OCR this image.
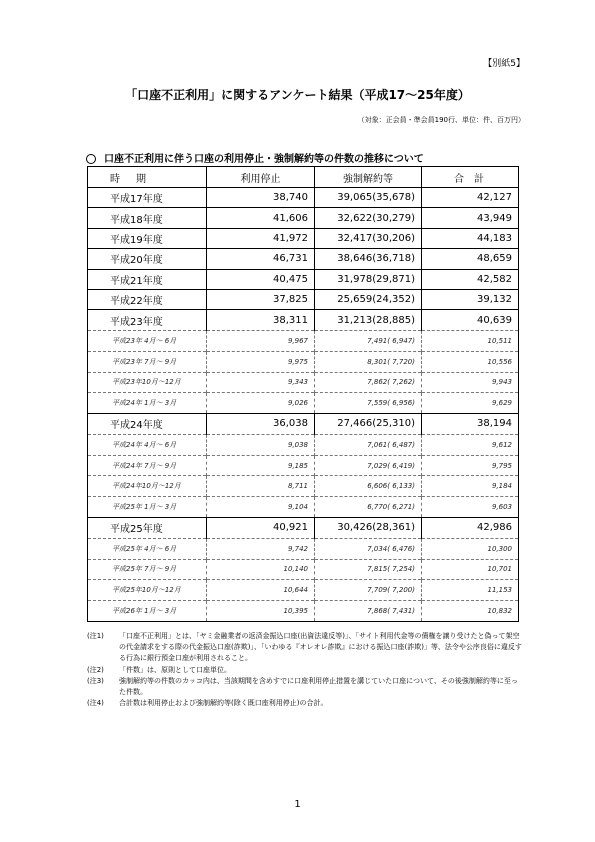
【別紙5】
「口座不正利用」に関するアンケート結果（平成17〜25年度）
（対象：正会員・準会員190行、単位：件、百万円）
口座不正利用に伴う口座の利用停止・強制解約等の件数の推移について
時　期	利用停止	強制解約等	合　計
平成17年度	38,740	39,065(35,678)	42,127
平成18年度	41,606	32,622(30,279)	43,949
平成19年度	41,972	32,417(30,206)	44,183
平成20年度	46,731	38,646(36,718)	48,659
平成21年度	40,475	31,978(29,871)	42,582
平成22年度	37,825	25,659(24,352)	39,132
平成23年度	38,311	31,213(28,885)	40,639
平成23年 4月〜 6月	9,967	7,491( 6,947)	10,511
平成23年 7月〜 9月	9,975	8,301( 7,720)	10,556
平成23年10月〜12月	9,343	7,862( 7,262)	9,943
平成24年 1月〜 3月	9,026	7,559( 6,956)	9,629
平成24年度	36,038	27,466(25,310)	38,194
平成24年 4月〜 6月	9,038	7,061( 6,487)	9,612
平成24年 7月〜 9月	9,185	7,029( 6,419)	9,795
平成24年10月〜12月	8,711	6,606( 6,133)	9,184
平成25年 1月〜 3月	9,104	6,770( 6,271)	9,603
平成25年度	40,921	30,426(28,361)	42,986
平成25年 4月〜 6月	9,742	7,034( 6,476)	10,300
平成25年 7月〜 9月	10,140	7,815( 7,254)	10,701
平成25年10月〜12月	10,644	7,709( 7,200)	11,153
平成26年 1月〜 3月	10,395	7,868( 7,431)	10,832
(注1)	「口座不正利用」とは、「ヤミ金融業者の返済金振込口座(出資法違反等)」、「サイト利用代金等の債権を譲り受けたと偽って架空の代金請求をする際の代金振込口座(詐欺)」、「いわゆる『オレオレ詐欺』における振込口座(詐欺)」等、法令や公序良俗に違反する行為に銀行預金口座が利用されること。
(注2)	「件数」は、原則として口座単位。
(注3)	強制解約等の件数のカッコ内は、当該期間を含めすでに口座利用停止措置を講じていた口座について、その後強制解約等に至った件数。
(注4)	合計数は利用停止および強制解約等(除く既口座利用停止)の合計。
1
